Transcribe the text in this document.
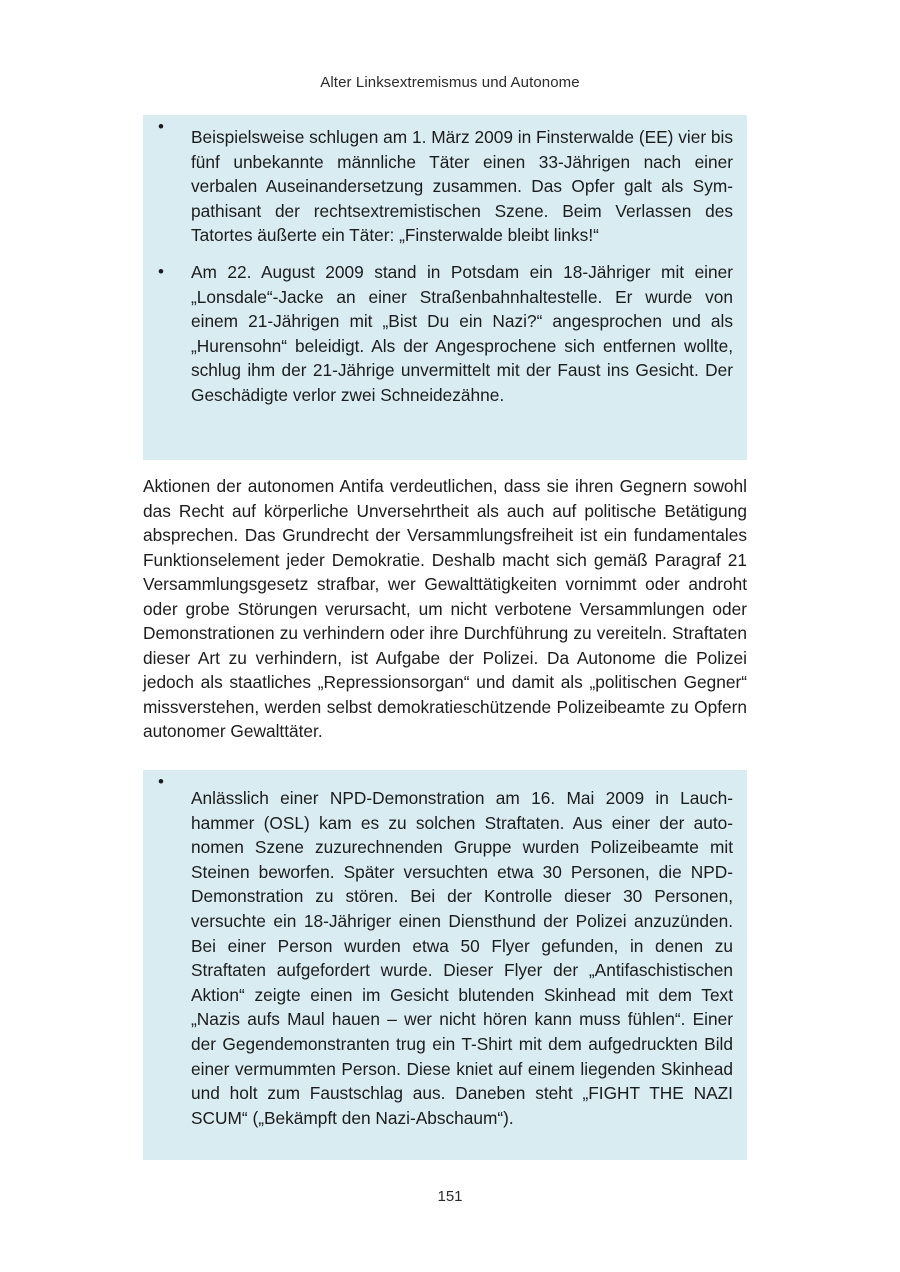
Alter Linksextremismus und Autonome
•
Beispielsweise schlugen am 1. März 2009 in Finsterwalde (EE) vier bis fünf unbekannte männliche Täter einen 33-Jährigen nach einer verbalen Auseinandersetzung zusammen. Das Opfer galt als Sympathisant der rechtsextremistischen Szene. Beim Verlassen des Tatortes äußerte ein Täter: „Finsterwalde bleibt links!“
• Am 22. August 2009 stand in Potsdam ein 18-Jähriger mit einer „Lonsdale“-Jacke an einer Straßenbahnhaltestelle. Er wurde von einem 21-Jährigen mit „Bist Du ein Nazi?“ angesprochen und als „Hurensohn“ beleidigt. Als der Angesprochene sich entfernen wollte, schlug ihm der 21-Jährige unvermittelt mit der Faust ins Gesicht. Der Geschädigte verlor zwei Schneidezähne.
Aktionen der autonomen Antifa verdeutlichen, dass sie ihren Gegnern sowohl das Recht auf körperliche Unversehrtheit als auch auf politische Betätigung absprechen. Das Grundrecht der Versammlungsfreiheit ist ein fundamentales Funktionselement jeder Demokratie. Deshalb macht sich gemäß Paragraf 21 Versammlungsgesetz strafbar, wer Gewalttätigkeiten vornimmt oder androht oder grobe Störungen verursacht, um nicht verbotene Versammlungen oder Demonstrationen zu verhindern oder ihre Durchführung zu vereiteln. Straftaten dieser Art zu verhindern, ist Aufgabe der Polizei. Da Autonome die Polizei jedoch als staatliches „Repressionsorgan“ und damit als „politischen Gegner“ missverstehen, werden selbst demokratieschützende Polizeibeamte zu Opfern autonomer Gewalttäter.
•
Anlässlich einer NPD-Demonstration am 16. Mai 2009 in Lauchhammer (OSL) kam es zu solchen Straftaten. Aus einer der autonomen Szene zuzurechnenden Gruppe wurden Polizeibeamte mit Steinen beworfen. Später versuchten etwa 30 Personen, die NPD-Demonstration zu stören. Bei der Kontrolle dieser 30 Personen, versuchte ein 18-Jähriger einen Diensthund der Polizei anzuzünden. Bei einer Person wurden etwa 50 Flyer gefunden, in denen zu Straftaten aufgefordert wurde. Dieser Flyer der „Antifaschistischen Aktion“ zeigte einen im Gesicht blutenden Skinhead mit dem Text „Nazis aufs Maul hauen – wer nicht hören kann muss fühlen“. Einer der Gegendemonstranten trug ein T-Shirt mit dem aufgedruckten Bild einer vermummten Person. Diese kniet auf einem liegenden Skinhead und holt zum Faustschlag aus. Daneben steht „FIGHT THE NAZI SCUM“ („Bekämpft den Nazi-Abschaum“).
151
